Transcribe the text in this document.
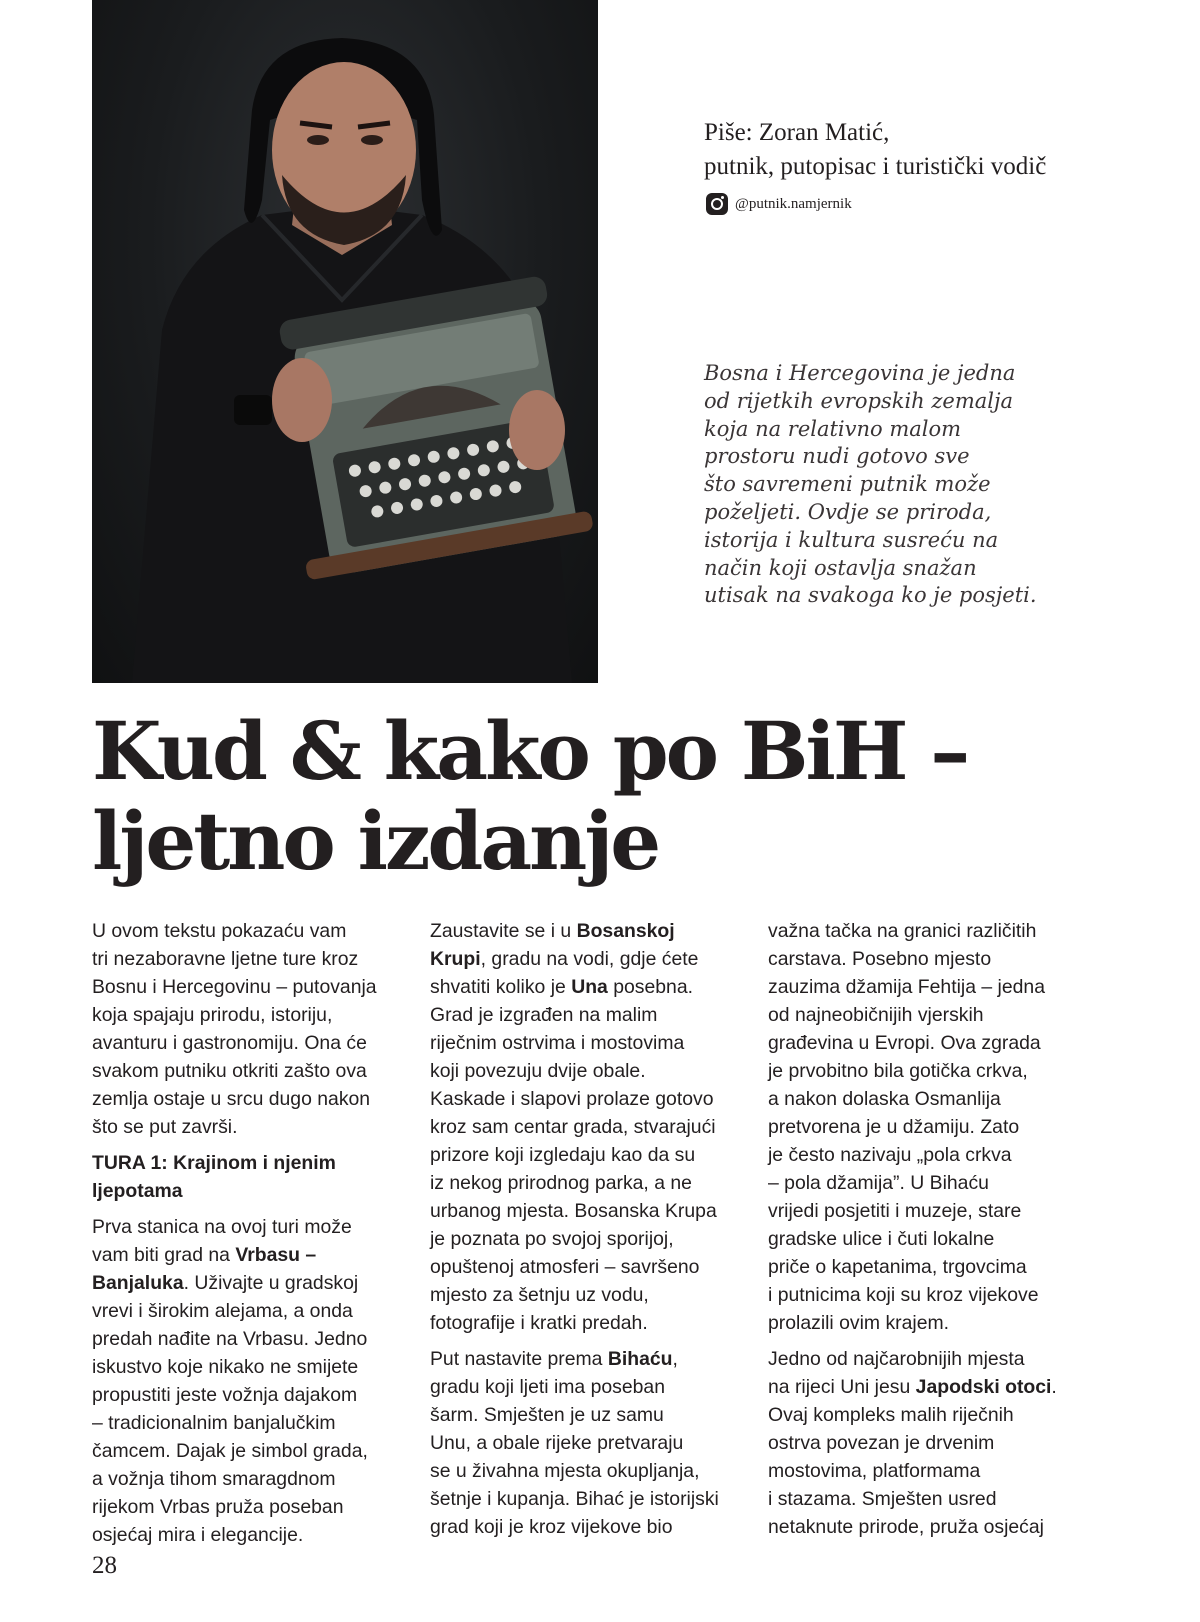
Piše: Zoran Matić,

putnik, putopisac i turistički vodič

@putnik.namjernik
Bosna i Hercegovina je jedna
od rijetkih evropskih zemalja
koja na relativno malom
prostoru nudi gotovo sve
što savremeni putnik može
poželjeti. Ovdje se priroda,
istorija i kultura susreću na
način koji ostavlja snažan
utisak na svakoga ko je posjeti.
Kud & kako po BiH –
ljetno izdanje

U ovom tekstu pokazaću vam
tri nezaboravne ljetne ture kroz
Bosnu i Hercegovinu – putovanja
koja spajaju prirodu, istoriju,
avanturu i gastronomiju. Ona će
svakom putniku otkriti zašto ova
zemlja ostaje u srcu dugo nakon
što se put završi.

TURA 1: Krajinom i njenim
ljepotama

Prva stanica na ovoj turi može
vam biti grad na Vrbasu –
Banjaluka. Uživajte u gradskoj
vrevi i širokim alejama, a onda
predah nađite na Vrbasu. Jedno
iskustvo koje nikako ne smijete
propustiti jeste vožnja dajakom
– tradicionalnim banjalučkim
čamcem. Dajak je simbol grada,
a vožnja tihom smaragdnom
rijekom Vrbas pruža poseban
osjećaj mira i elegancije.

Zaustavite se i u Bosanskoj
Krupi, gradu na vodi, gdje ćete
shvatiti koliko je Una posebna.
Grad je izgrađen na malim
riječnim ostrvima i mostovima
koji povezuju dvije obale.
Kaskade i slapovi prolaze gotovo
kroz sam centar grada, stvarajući
prizore koji izgledaju kao da su
iz nekog prirodnog parka, a ne
urbanog mjesta. Bosanska Krupa
je poznata po svojoj sporijoj,
opuštenoj atmosferi – savršeno
mjesto za šetnju uz vodu,
fotografije i kratki predah.

Put nastavite prema Bihaću,
gradu koji ljeti ima poseban
šarm. Smješten je uz samu
Unu, a obale rijeke pretvaraju
se u živahna mjesta okupljanja,
šetnje i kupanja. Bihać je istorijski
grad koji je kroz vijekove bio

važna tačka na granici različitih
carstava. Posebno mjesto
zauzima džamija Fehtija – jedna
od najneobičnijih vjerskih
građevina u Evropi. Ova zgrada
je prvobitno bila gotička crkva,
a nakon dolaska Osmanlija
pretvorena je u džamiju. Zato
je često nazivaju „pola crkva
– pola džamija”. U Bihaću
vrijedi posjetiti i muzeje, stare
gradske ulice i čuti lokalne
priče o kapetanima, trgovcima
i putnicima koji su kroz vijekove
prolazili ovim krajem.

Jedno od najčarobnijih mjesta
na rijeci Uni jesu Japodski otoci.
Ovaj kompleks malih riječnih
ostrva povezan je drvenim
mostovima, platformama
i stazama. Smješten usred
netaknute prirode, pruža osjećaj

28
